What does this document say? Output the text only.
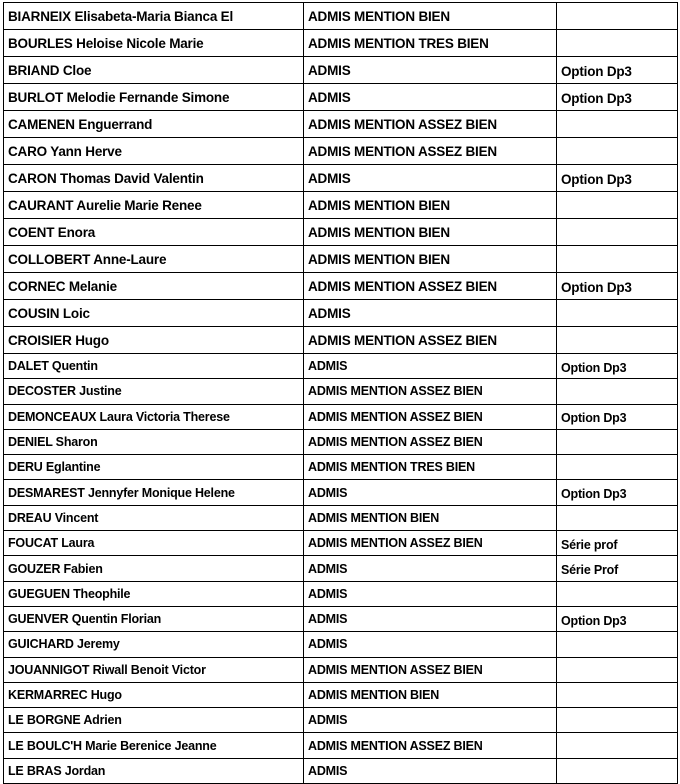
BIARNEIX Elisabeta-Maria Bianca El	ADMIS MENTION BIEN	
BOURLES Heloise Nicole Marie	ADMIS MENTION TRES BIEN	
BRIAND Cloe	ADMIS	Option Dp3
BURLOT Melodie Fernande Simone	ADMIS	Option Dp3
CAMENEN Enguerrand	ADMIS MENTION ASSEZ BIEN	
CARO Yann Herve	ADMIS MENTION ASSEZ BIEN	
CARON Thomas David Valentin	ADMIS	Option Dp3
CAURANT Aurelie Marie Renee	ADMIS MENTION BIEN	
COENT Enora	ADMIS MENTION BIEN	
COLLOBERT Anne-Laure	ADMIS MENTION BIEN	
CORNEC Melanie	ADMIS MENTION ASSEZ BIEN	Option Dp3
COUSIN Loic	ADMIS	
CROISIER Hugo	ADMIS MENTION ASSEZ BIEN	
DALET Quentin	ADMIS	Option Dp3
DECOSTER Justine	ADMIS MENTION ASSEZ BIEN	
DEMONCEAUX Laura Victoria Therese	ADMIS MENTION ASSEZ BIEN	Option Dp3
DENIEL Sharon	ADMIS MENTION ASSEZ BIEN	
DERU Eglantine	ADMIS MENTION TRES BIEN	
DESMAREST Jennyfer Monique Helene	ADMIS	Option Dp3
DREAU Vincent	ADMIS MENTION BIEN	
FOUCAT Laura	ADMIS MENTION ASSEZ BIEN	Série prof
GOUZER Fabien	ADMIS	Série Prof
GUEGUEN Theophile	ADMIS	
GUENVER Quentin Florian	ADMIS	Option Dp3
GUICHARD Jeremy	ADMIS	
JOUANNIGOT Riwall Benoit Victor	ADMIS MENTION ASSEZ BIEN	
KERMARREC Hugo	ADMIS MENTION BIEN	
LE BORGNE Adrien	ADMIS	
LE BOULC'H Marie Berenice Jeanne	ADMIS MENTION ASSEZ BIEN	
LE BRAS Jordan	ADMIS	
